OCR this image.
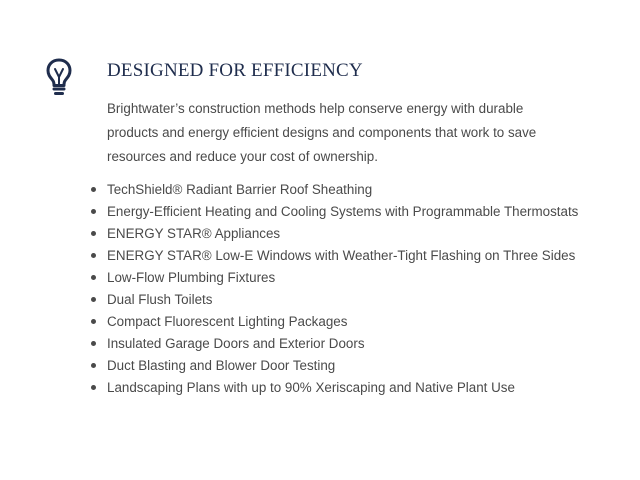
DESIGNED FOR EFFICIENCY

Brightwater’s construction methods help conserve energy with durable products and energy efficient designs and components that work to save resources and reduce your cost of ownership.

TechShield® Radiant Barrier Roof Sheathing
Energy-Efficient Heating and Cooling Systems with Programmable Thermostats
ENERGY STAR® Appliances
ENERGY STAR® Low-E Windows with Weather-Tight Flashing on Three Sides
Low-Flow Plumbing Fixtures
Dual Flush Toilets
Compact Fluorescent Lighting Packages
Insulated Garage Doors and Exterior Doors
Duct Blasting and Blower Door Testing
Landscaping Plans with up to 90% Xeriscaping and Native Plant Use
